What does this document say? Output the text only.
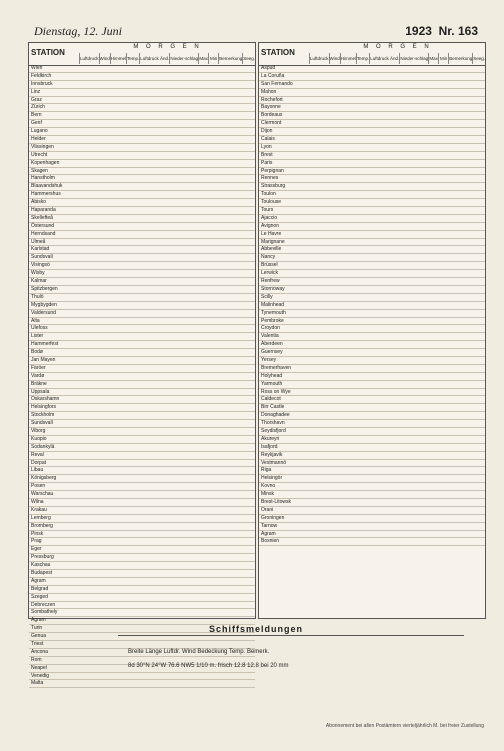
Dienstag, 12. Juni	1923 Nr. 163
STATION
M O R G E N
Luftdruck Wind Himmel Temp. Luftdruck Änd. Nieder-schlag Max Min Bemerkung Seeg.
Wien
Feldkirch
Innsbruck
Linz
Graz
Zürich
Bern
Genf
Lugano
Helder
Vlissingen
Utrecht
Kopenhagen
Skagen
Hanstholm
Blaavandshuk
Hammershus
Abisko
Haparanda
Skellefteå
Östersund
Herndsand
Ulmeå
Karlstad
Sundsvall
Visingsö
Wisby
Kalmar
Spitzbergen
Thulö
Mygbygden
Valdersund
Alta
Ulefoss
Lister
Hammerfest
Bodø
Jan Mayen
Färöer
Vardø
Bräkne
Uppsala
Oskarshamn
Helsingfors
Stockholm
Sundsvall
Viborg
Kuopio
Sodankylä
Reval
Dorpat
Libau
Königsberg
Posen
Warschau
Wilna
Krakau
Lemberg
Bromberg
Pinsk
Prag
Eger
Pressburg
Kaschau
Budapest
Agram
Belgrad
Szeged
Debreczen
Sombathely
Agram
Turin
Genua
Triest
Ancona
Rom
Neapel
Venedig
Malta
STATION
M O R G E N
Luftdruck Wind Himmel Temp. Luftdruck Änd. Nieder-schlag Max Min Bemerkung Seeg.
Aspud
La Coruña
San Fernando
Mahon
Rochefort
Bayonne
Bordeaux
Clermont
Dijon
Calais
Lyon
Brest
Paris
Perpignan
Rennes
Strassburg
Toulon
Toulouse
Tours
Ajaccio
Avignon
Le Havre
Marignane
Abbeville
Nancy
Brüssel
Lerwick
Renfrew
Stornoway
Scilly
Malinhead
Tynemouth
Pembroke
Croydon
Valentia
Aberdeen
Guernsey
Yersey
Bremerhaven
Holyhead
Yarmouth
Ross on Wye
Caldecot
Birr Castle
Donaghadee
Thorshavn
Seydisfjord
Akureyri
Isafjord
Reykjavik
Vestmannö
Riga
Helsingör
Kovno
Minsk
Brest-Litowsk
Orani
Groningen
Tarnow
Agram
Bosnien
Schiffsmeldungen
Breite Länge Luftdr. Wind Bedeckung Temp. Bemerk.
8d 30°N 24°W 76.6 NW5 1/10 m. frisch 12.8 12.8 bei 20 mm
Abonnement bei allen Postämtern vierteljährlich M. bei freier Zustellung
